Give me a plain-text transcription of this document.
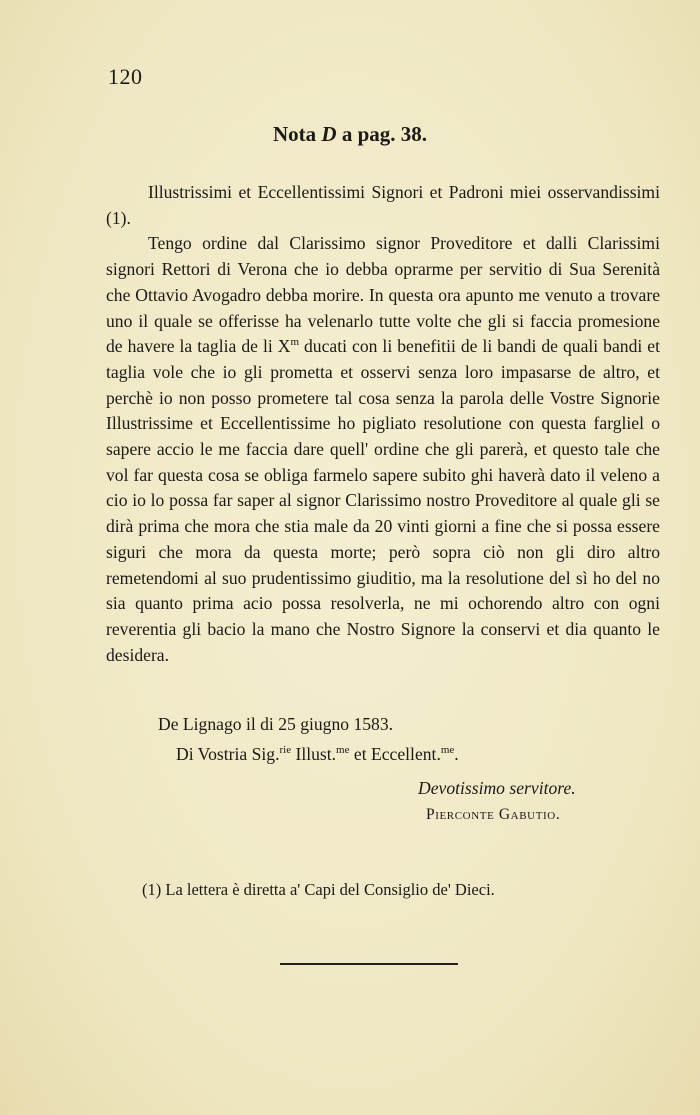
120
Nota D a pag. 38.

Illustrissimi et Eccellentissimi Signori et Padroni miei osservandissimi (1).

Tengo ordine dal Clarissimo signor Proveditore et dalli Clarissimi signori Rettori di Verona che io debba oprarme per servitio di Sua Serenità che Ottavio Avogadro debba morire. In questa ora apunto me venuto a trovare uno il quale se offerisse ha velenarlo tutte volte che gli si faccia promesione de havere la taglia de li $X^m$ ducati con li benefitii de li bandi de quali bandi et taglia vole che io gli prometta et osservi senza loro impasarse de altro, et perchè io non posso prometere tal cosa senza la parola delle Vostre Signorie Illustrissime et Eccellentissime ho pigliato resolutione con questa fargliel o sapere accio le me faccia dare quell' ordine che gli parerà, et questo tale che vol far questa cosa se obliga farmelo sapere subito ghi haverà dato il veleno a cio io lo possa far saper al signor Clarissimo nostro Proveditore al quale gli se dirà prima che mora che stia male da 20 vinti giorni a fine che si possa essere siguri che mora da questa morte; però sopra ciò non gli diro altro remetendomi al suo prudentissimo giuditio, ma la resolutione del sì ho del no sia quanto prima acio possa resolverla, ne mi ochorendo altro con ogni reverentia gli bacio la mano che Nostro Signore la conservi et dia quanto le desidera.

De Lignago il di 25 giugno 1583.
Di Vostria Sig.$^{rie}$ Illust.$^{me}$ et Eccellent.$^{me}$.
Devotissimo servitore.
Pierconte Gabutio.
(1) La lettera è diretta a' Capi del Consiglio de' Dieci.
